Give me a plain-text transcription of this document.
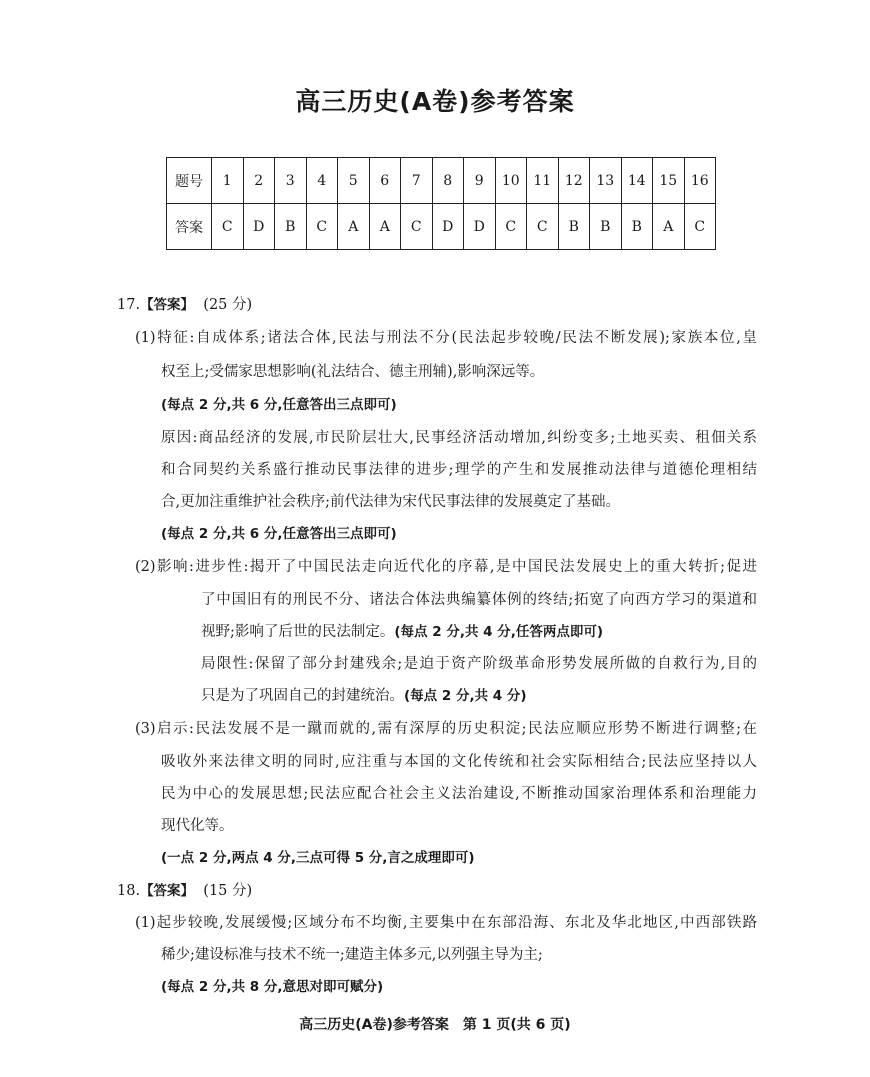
高三历史(A卷)参考答案
题号	1	2	3	4	5	6	7	8	9	10	11	12	13	14	15	16
答案	C	D	B	C	A	A	C	D	D	C	C	B	B	B	A	C
17.【答案】 (25 分)
(1)特征:自成体系;诸法合体,民法与刑法不分(民法起步较晚/民法不断发展);家族本位,皇
权至上;受儒家思想影响(礼法结合、德主刑辅),影响深远等。
(每点 2 分,共 6 分,任意答出三点即可)
原因:商品经济的发展,市民阶层壮大,民事经济活动增加,纠纷变多;土地买卖、租佃关系
和合同契约关系盛行推动民事法律的进步;理学的产生和发展推动法律与道德伦理相结
合,更加注重维护社会秩序;前代法律为宋代民事法律的发展奠定了基础。
(每点 2 分,共 6 分,任意答出三点即可)
(2)影响:进步性:揭开了中国民法走向近代化的序幕,是中国民法发展史上的重大转折;促进
了中国旧有的刑民不分、诸法合体法典编纂体例的终结;拓宽了向西方学习的渠道和
视野;影响了后世的民法制定。(每点 2 分,共 4 分,任答两点即可)
局限性:保留了部分封建残余;是迫于资产阶级革命形势发展所做的自救行为,目的
只是为了巩固自己的封建统治。(每点 2 分,共 4 分)
(3)启示:民法发展不是一蹴而就的,需有深厚的历史积淀;民法应顺应形势不断进行调整;在
吸收外来法律文明的同时,应注重与本国的文化传统和社会实际相结合;民法应坚持以人
民为中心的发展思想;民法应配合社会主义法治建设,不断推动国家治理体系和治理能力
现代化等。
(一点 2 分,两点 4 分,三点可得 5 分,言之成理即可)
18.【答案】 (15 分)
(1)起步较晚,发展缓慢;区域分布不均衡,主要集中在东部沿海、东北及华北地区,中西部铁路
稀少;建设标准与技术不统一;建造主体多元,以列强主导为主;
(每点 2 分,共 8 分,意思对即可赋分)
高三历史(A卷)参考答案　第 1 页(共 6 页)
